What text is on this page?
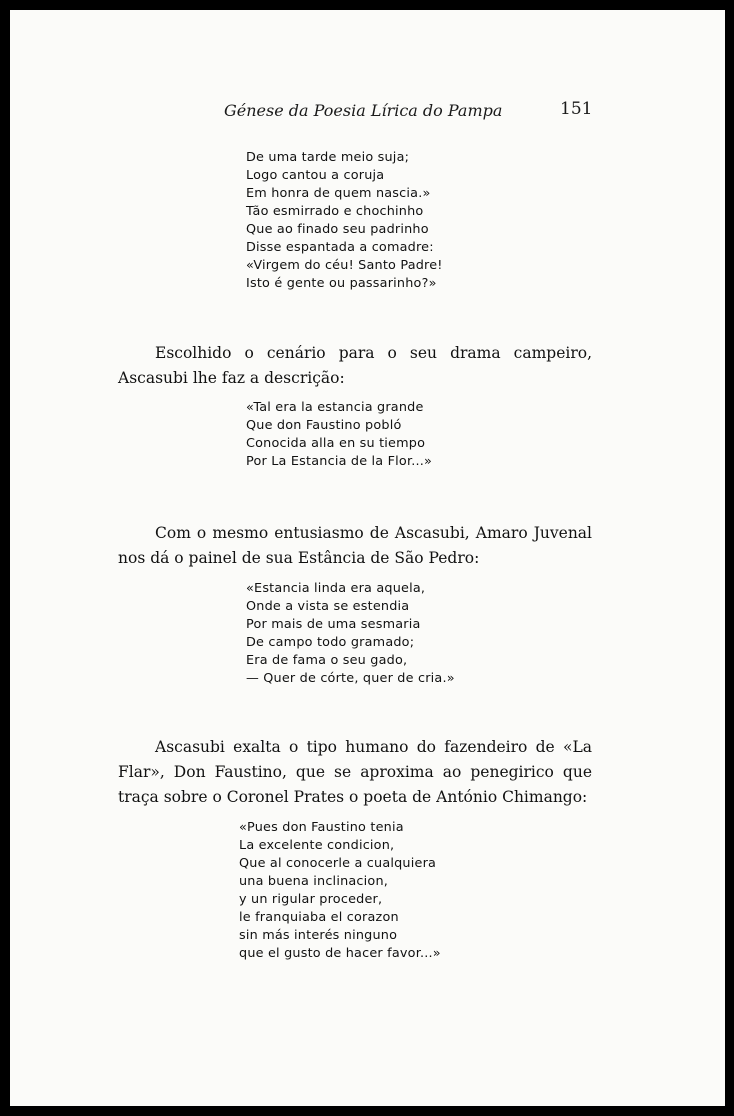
Génese da Poesia Lírica do Pampa	151
De uma tarde meio suja;
Logo cantou a coruja
Em honra de quem nascia.»
Tão esmirrado e chochinho
Que ao finado seu padrinho
Disse espantada a comadre:
«Virgem do céu! Santo Padre!
Isto é gente ou passarinho?»

Escolhido o cenário para o seu drama campeiro, Ascasubi lhe faz a descrição:

«Tal era la estancia grande
Que don Faustino pobló
Conocida alla en su tiempo
Por La Estancia de la Flor...»

Com o mesmo entusiasmo de Ascasubi, Amaro Juvenal nos dá o painel de sua Estância de São Pedro:

«Estancia linda era aquela,
Onde a vista se estendia
Por mais de uma sesmaria
De campo todo gramado;
Era de fama o seu gado,
— Quer de córte, quer de cria.»

Ascasubi exalta o tipo humano do fazendeiro de «La Flar», Don Faustino, que se aproxima ao penegirico que traça sobre o Coronel Prates o poeta de António Chimango:

«Pues don Faustino tenia
La excelente condicion,
Que al conocerle a cualquiera
una buena inclinacion,
y un rigular proceder,
le franquiaba el corazon
sin más interés ninguno
que el gusto de hacer favor...»
